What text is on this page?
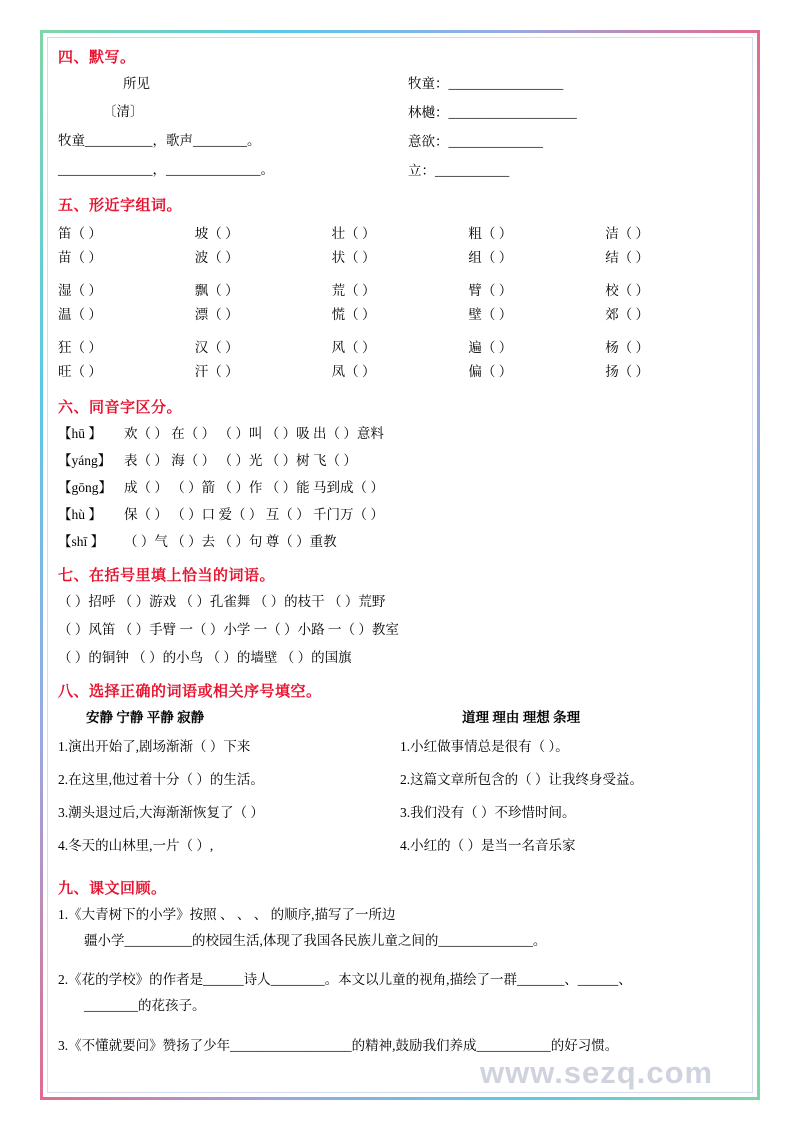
四、默写。
所见
〔清〕
牧童__________，歌声________。
______________，______________。
牧童：_________________
林樾：___________________
意欲：______________
立：___________
五、形近字组词。
笛（ ）	坡（ ）	壮（ ）	粗（ ）	洁（ ）
苗（ ）	波（ ）	状（ ）	组（ ）	结（ ）

湿（ ）	飘（ ）	荒（ ）	臂（ ）	校（ ）
温（ ）	漂（ ）	慌（ ）	壁（ ）	郊（ ）

狂（ ）	汉（ ）	风（ ）	遍（ ）	杨（ ）
旺（ ）	汗（ ）	凤（ ）	偏（ ）	扬（ ）
六、同音字区分。
【hū 】 欢（ ） 在（ ） （ ）叫 （ ）吸 出（ ）意料
【yáng】 表（ ） 海（ ） （ ）光 （ ）树 飞（ ）
【gōng】 成（ ） （ ）箭 （ ）作 （ ）能 马到成（ ）
【hù 】 保（ ） （ ）口 爱（ ） 互（ ） 千门万（ ）
【shī 】 （ ）气 （ ）去 （ ）句 尊（ ）重教
七、在括号里填上恰当的词语。
（ ）招呼 （ ）游戏 （ ）孔雀舞 （ ）的枝干 （ ）荒野
（ ）风笛 （ ）手臂 一（ ）小学 一（ ）小路 一（ ）教室
（ ）的铜钟 （ ）的小鸟 （ ）的墙壁 （ ）的国旗
八、选择正确的词语或相关序号填空。
安静 宁静 平静 寂静
1.演出开始了,剧场渐渐（ ）下来
2.在这里,他过着十分（ ）的生活。
3.潮头退过后,大海渐渐恢复了（ ）
4.冬天的山林里,一片（ ）,
道理 理由 理想 条理
1.小红做事情总是很有（ ）。
2.这篇文章所包含的（ ）让我终身受益。
3.我们没有（ ）不珍惜时间。
4.小红的（ ）是当一名音乐家
九、课文回顾。
1.《大青树下的小学》按照 、 、 、 的顺序,描写了一所边
疆小学__________的校园生活,体现了我国各民族儿童之间的______________。
2.《花的学校》的作者是______诗人________。本文以儿童的视角,描绘了一群_______、______、
________的花孩子。
3.《不懂就要问》赞扬了少年__________________的精神,鼓励我们养成___________的好习惯。
www.sezq.com
